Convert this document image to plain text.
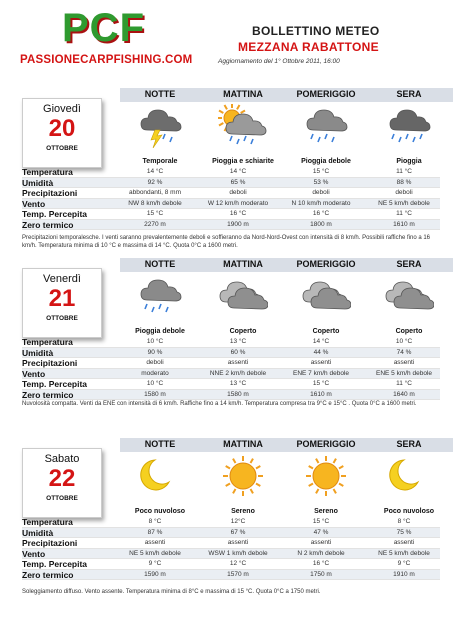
PCF
PASSIONECARPFISHING.COM
BOLLETTINO METEO
MEZZANA RABATTONE
Aggiornamento del 1° Ottobre 2011, 16:00
NOTTE	MATTINA	POMERIGGIO	SERA
Giovedì
20
OTTOBRE
Temporale	Pioggia e schiarite	Pioggia debole	Pioggia
Temperatura	14 °C	14 °C	15 °C	11 °C
Umidità	92 %	65 %	53 %	88 %
Precipitazioni	abbondanti, 8 mm	deboli	deboli	deboli
Vento	NW 8 km/h debole	W 12 km/h moderato	N 10 km/h moderato	NE 5 km/h debole
Temp. Percepita	15 °C	16 °C	16 °C	11 °C
Zero termico	2270 m	1900 m	1800 m	1610 m
Precipitazioni temporalesche. I venti saranno prevalentemente deboli e soffieranno da Nord-Nord-Ovest con intensità di 8 km/h. Possibili raffiche fino a 16 km/h. Temperatura minima di 10 °C e massima di 14 °C. Quota 0°C a 1600 metri.
NOTTE	MATTINA	POMERIGGIO	SERA
Venerdì
21
OTTOBRE
Pioggia debole	Coperto	Coperto	Coperto
Temperatura	10 °C	13 °C	14 °C	10 °C
Umidità	90 %	60 %	44 %	74 %
Precipitazioni	deboli	assenti	assenti	assenti
Vento	moderato	NNE 2 km/h debole	ENE 7 km/h debole	ENE 5 km/h debole
Temp. Percepita	10 °C	13 °C	15 °C	11 °C
Zero termico	1580 m	1580 m	1610 m	1640 m
Nuvolosità compatta. Venti da ENE con intensità di 6 km/h. Raffiche fino a 14 km/h. Temperatura compresa tra 9°C e 15°C . Quota 0°C a 1600 metri.
NOTTE	MATTINA	POMERIGGIO	SERA
Sabato
22
OTTOBRE
Poco nuvoloso	Sereno	Sereno	Poco nuvoloso
Temperatura	8 °C	12°C	15 °C	8 °C
Umidità	87 %	67 %	47 %	75 %
Precipitazioni	assenti	assenti	assenti	assenti
Vento	NE 5 km/h debole	WSW 1 km/h debole	N 2 km/h debole	NE 5 km/h debole
Temp. Percepita	9 °C	12 °C	16 °C	9 °C
Zero termico	1590 m	1570 m	1750 m	1910 m
Soleggiamento diffuso. Vento assente. Temperatura minima di 8°C e massima di 15 °C. Quota 0°C a 1750 metri.
